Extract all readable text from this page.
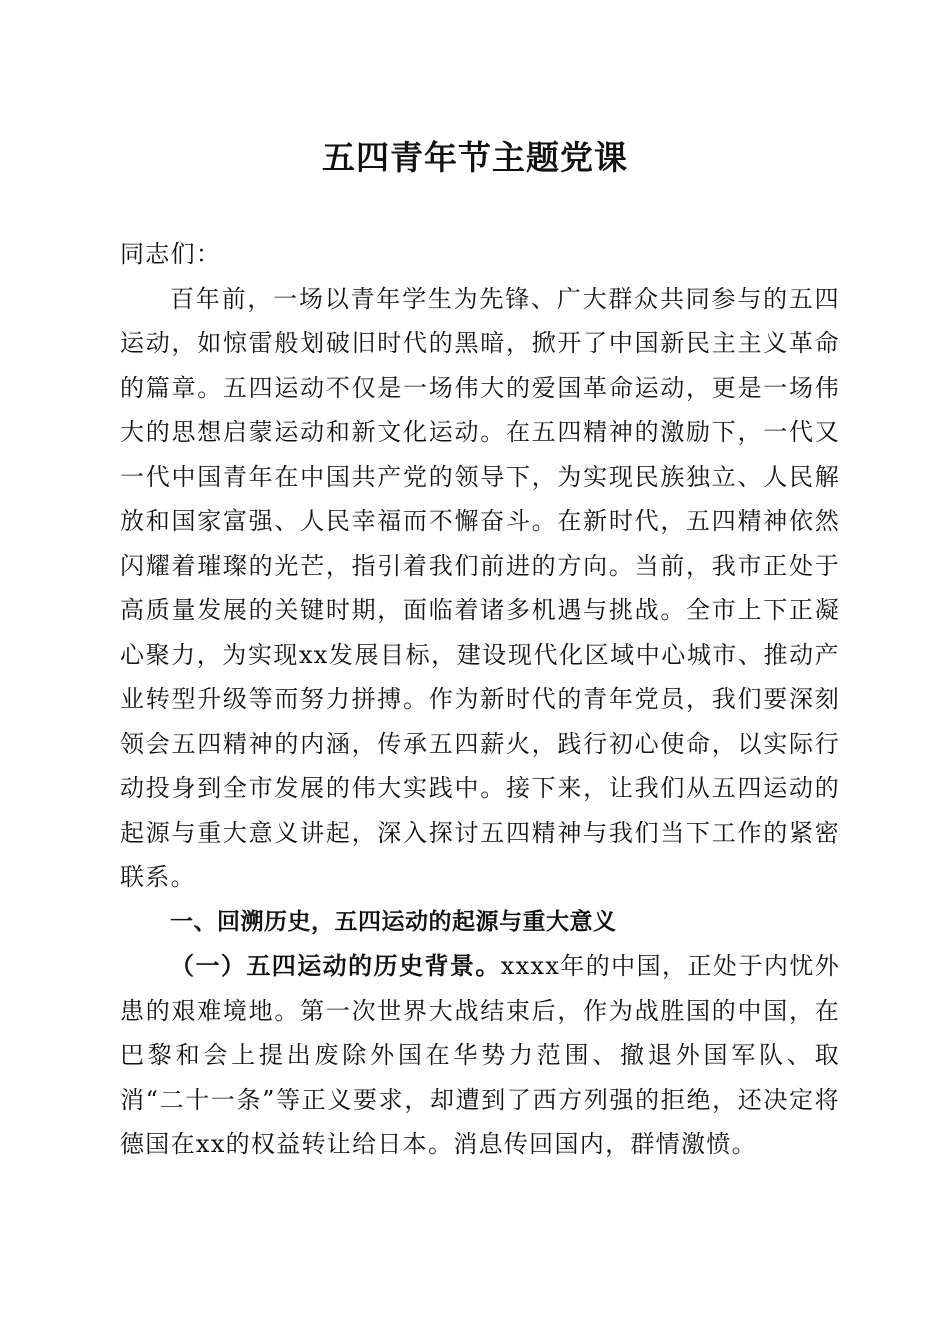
五四青年节主题党课

同志们：

百年前，一场以青年学生为先锋、广大群众共同参与的五四运动，如惊雷般划破旧时代的黑暗，掀开了中国新民主主义革命的篇章。五四运动不仅是一场伟大的爱国革命运动，更是一场伟大的思想启蒙运动和新文化运动。在五四精神的激励下，一代又一代中国青年在中国共产党的领导下，为实现民族独立、人民解放和国家富强、人民幸福而不懈奋斗。在新时代，五四精神依然闪耀着璀璨的光芒，指引着我们前进的方向。当前，我市正处于高质量发展的关键时期，面临着诸多机遇与挑战。全市上下正凝心聚力，为实现xx发展目标，建设现代化区域中心城市、推动产业转型升级等而努力拼搏。作为新时代的青年党员，我们要深刻领会五四精神的内涵，传承五四薪火，践行初心使命，以实际行动投身到全市发展的伟大实践中。接下来，让我们从五四运动的起源与重大意义讲起，深入探讨五四精神与我们当下工作的紧密联系。

一、回溯历史，五四运动的起源与重大意义

（一）五四运动的历史背景。xxxx年的中国，正处于内忧外患的艰难境地。第一次世界大战结束后，作为战胜国的中国，在巴黎和会上提出废除外国在华势力范围、撤退外国军队、取消“二十一条”等正义要求，却遭到了西方列强的拒绝，还决定将德国在xx的权益转让给日本。消息传回国内，群情激愤。
